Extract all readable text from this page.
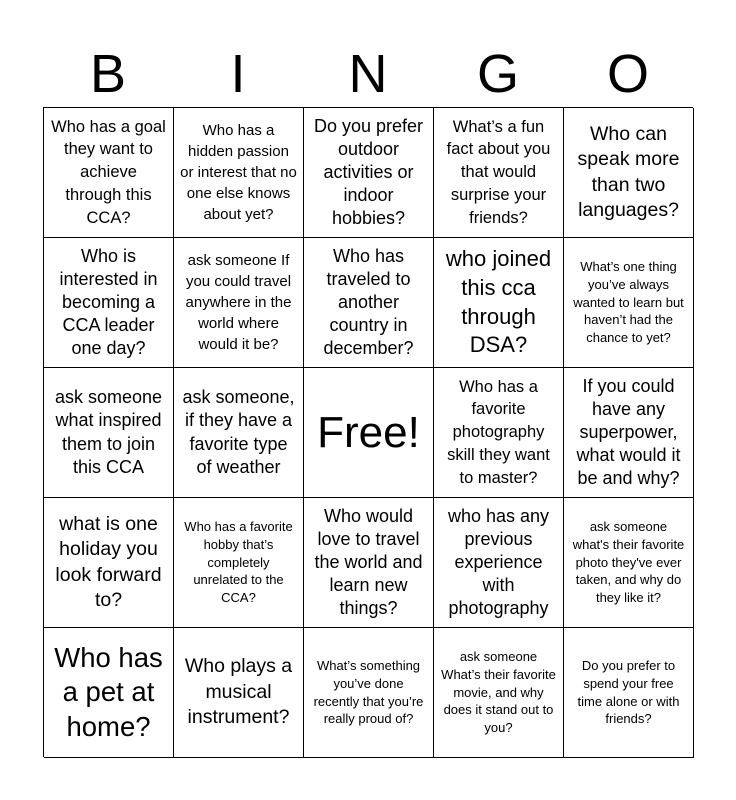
B	I	N	G	O
Who has a goal they want to achieve through this CCA?
Who has a hidden passion or interest that no one else knows about yet?
Do you prefer outdoor activities or indoor hobbies?
What’s a fun fact about you that would surprise your friends?
Who can speak more than two languages?
Who is interested in becoming a CCA leader one day?
ask someone If you could travel anywhere in the world where would it be?
Who has traveled to another country in december?
who joined this cca through DSA?
What’s one thing you’ve always wanted to learn but haven’t had the chance to yet?
ask someone what inspired them to join this CCA
ask someone, if they have a favorite type of weather
Free!
Who has a favorite photography skill they want to master?
If you could have any superpower, what would it be and why?
what is one holiday you look forward to?
Who has a favorite hobby that’s completely unrelated to the CCA?
Who would love to travel the world and learn new things?
who has any previous experience with photography
ask someone what's their favorite photo they've ever taken, and why do they like it?
Who has a pet at home?
Who plays a musical instrument?
What’s something you’ve done recently that you’re really proud of?
ask someone What’s their favorite movie, and why does it stand out to you?
Do you prefer to spend your free time alone or with friends?
